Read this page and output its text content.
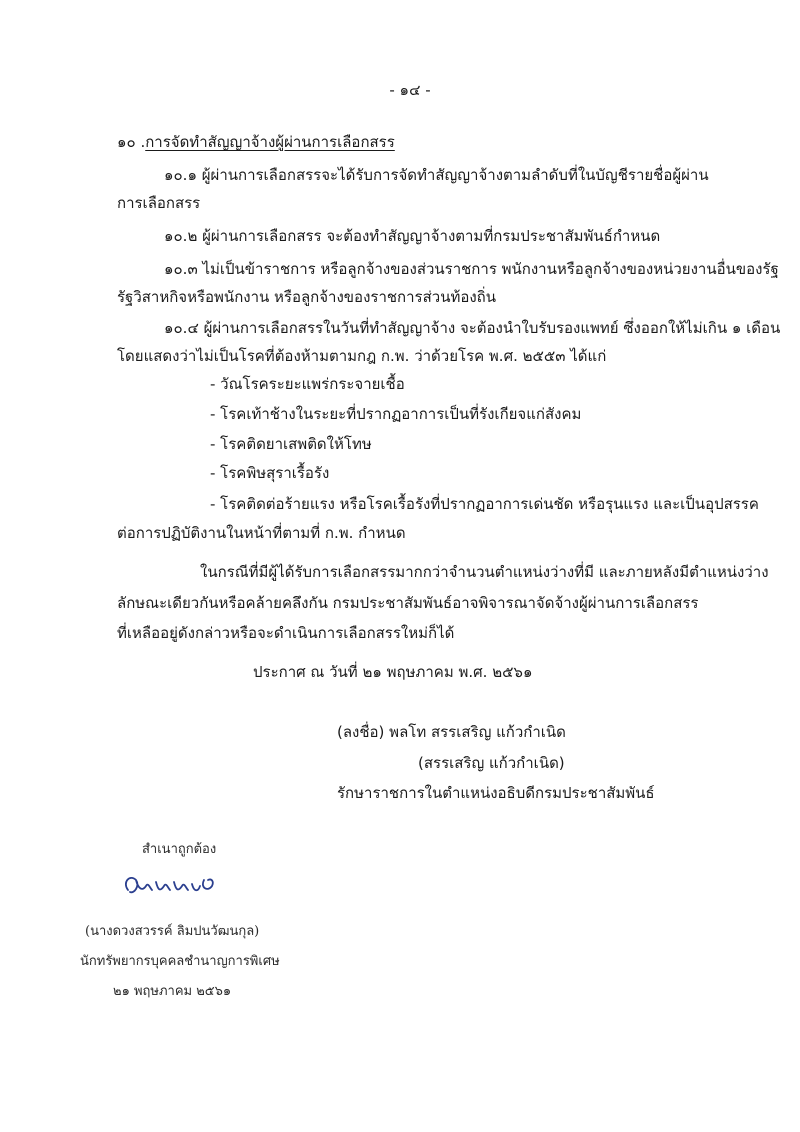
- ๑๔ -
๑๐ .การจัดทำสัญญาจ้างผู้ผ่านการเลือกสรร
๑๐.๑ ผู้ผ่านการเลือกสรรจะได้รับการจัดทำสัญญาจ้างตามลำดับที่ในบัญชีรายชื่อผู้ผ่าน
การเลือกสรร
๑๐.๒ ผู้ผ่านการเลือกสรร จะต้องทำสัญญาจ้างตามที่กรมประชาสัมพันธ์กำหนด
๑๐.๓ ไม่เป็นข้าราชการ หรือลูกจ้างของส่วนราชการ พนักงานหรือลูกจ้างของหน่วยงานอื่นของรัฐ
รัฐวิสาหกิจหรือพนักงาน หรือลูกจ้างของราชการส่วนท้องถิ่น
๑๐.๔ ผู้ผ่านการเลือกสรรในวันที่ทำสัญญาจ้าง จะต้องนำใบรับรองแพทย์ ซึ่งออกให้ไม่เกิน ๑ เดือน
โดยแสดงว่าไม่เป็นโรคที่ต้องห้ามตามกฎ ก.พ. ว่าด้วยโรค พ.ศ. ๒๕๕๓ ได้แก่
- วัณโรคระยะแพร่กระจายเชื้อ
- โรคเท้าช้างในระยะที่ปรากฏอาการเป็นที่รังเกียจแก่สังคม
- โรคติดยาเสพติดให้โทษ
- โรคพิษสุราเรื้อรัง
- โรคติดต่อร้ายแรง หรือโรคเรื้อรังที่ปรากฏอาการเด่นชัด หรือรุนแรง และเป็นอุปสรรค
ต่อการปฏิบัติงานในหน้าที่ตามที่ ก.พ. กำหนด
ในกรณีที่มีผู้ได้รับการเลือกสรรมากกว่าจำนวนตำแหน่งว่างที่มี และภายหลังมีตำแหน่งว่าง
ลักษณะเดียวกันหรือคล้ายคลึงกัน กรมประชาสัมพันธ์อาจพิจารณาจัดจ้างผู้ผ่านการเลือกสรร
ที่เหลืออยู่ดังกล่าวหรือจะดำเนินการเลือกสรรใหม่ก็ได้
ประกาศ ณ วันที่ ๒๑ พฤษภาคม พ.ศ. ๒๕๖๑
(ลงชื่อ) พลโท สรรเสริญ แก้วกำเนิด
(สรรเสริญ แก้วกำเนิด)
รักษาราชการในตำแหน่งอธิบดีกรมประชาสัมพันธ์
สำเนาถูกต้อง
(นางดวงสวรรค์ ลิมปนวัฒนกุล)
นักทรัพยากรบุคคลชำนาญการพิเศษ
๒๑ พฤษภาคม ๒๕๖๑
